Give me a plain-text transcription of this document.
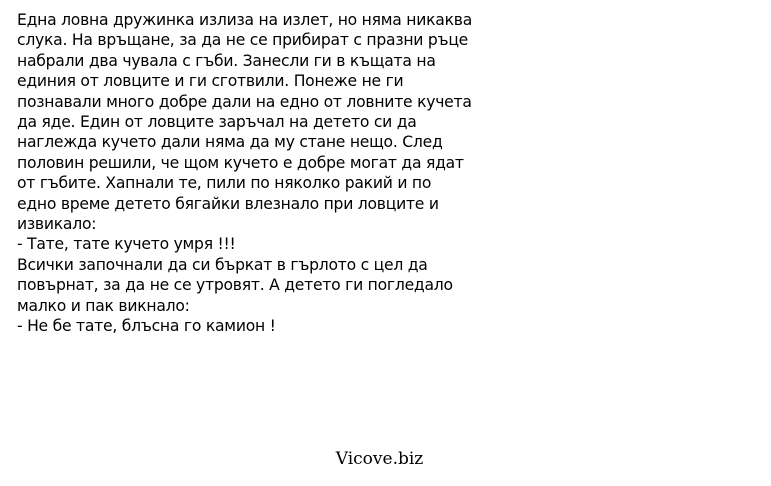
Една ловна дружинка излиза на излет, но няма никаква
слука. На връщане, за да не се прибират с празни ръце
набрали два чувала с гъби. Занесли ги в къщата на
единия от ловците и ги сготвили. Понеже не ги
познавали много добре дали на едно от ловните кучета
да яде. Един от ловците заръчал на детето си да
наглежда кучето дали няма да му стане нещо. След
половин решили, че щом кучето е добре могат да ядат
от гъбите. Хапнали те, пили по няколко ракий и по
едно време детето бягайки влезнало при ловците и
извикало:
- Тате, тате кучето умря !!!
Всички започнали да си бъркат в гърлото с цел да
повърнат, за да не се утровят. А детето ги погледало
малко и пак викнало:
- Не бе тате, блъсна го камион !
Vicove.biz
